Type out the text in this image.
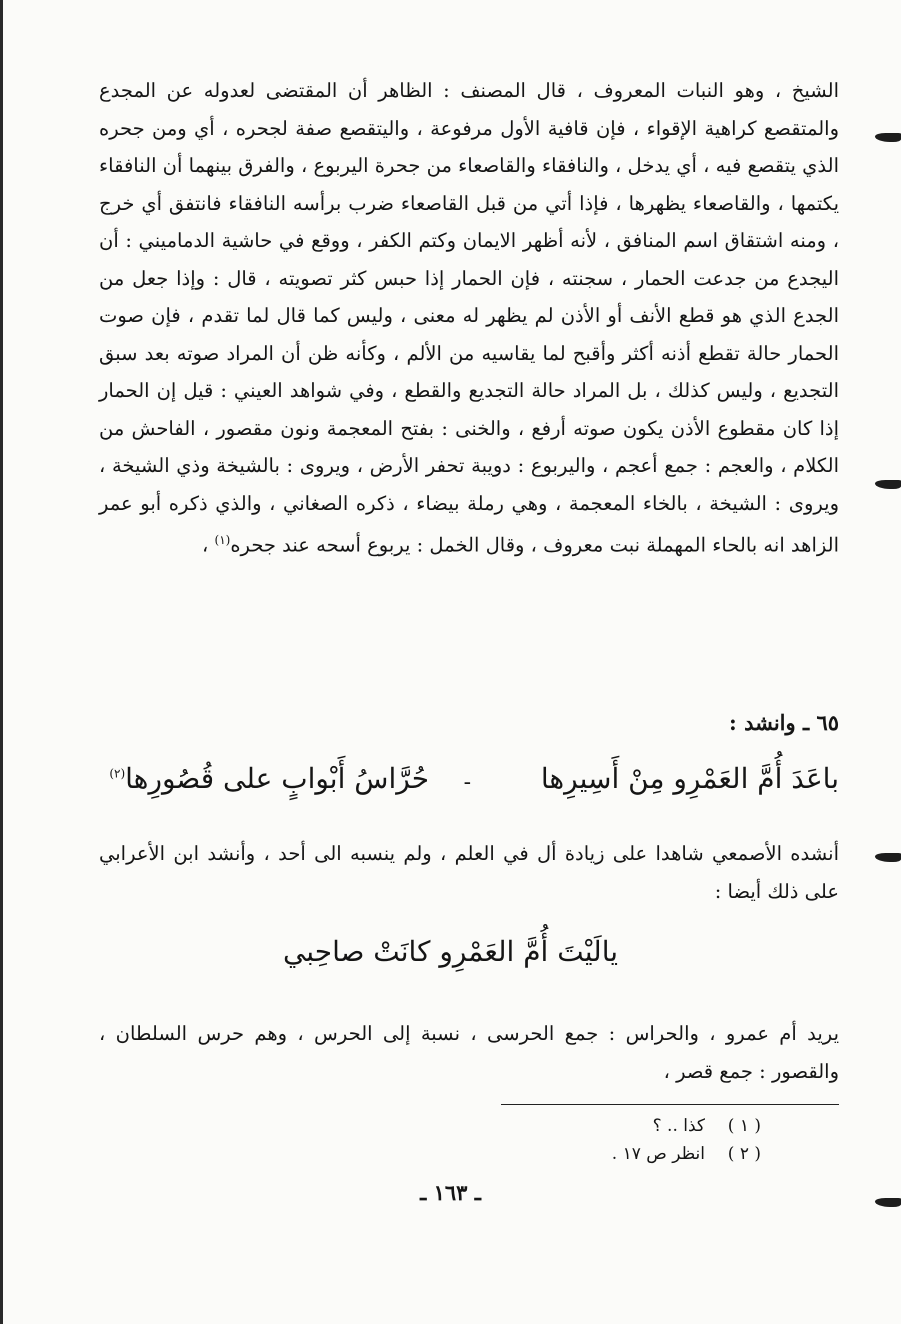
الشيخ ، وهو النبات المعروف ، قال المصنف : الظاهر أن المقتضى لعدوله عن المجدع والمتقصع كراهية الإقواء ، فإن قافية الأول مرفوعة ، واليتقصع صفة لجحره ، أي ومن جحره الذي يتقصع فيه ، أي يدخل ، والنافقاء والقاصعاء من جحرة اليربوع ، والفرق بينهما أن النافقاء يكتمها ، والقاصعاء يظهرها ، فإذا أتي من قبل القاصعاء ضرب برأسه النافقاء فانتفق أي خرج ، ومنه اشتقاق اسم المنافق ، لأنه أظهر الايمان وكتم الكفر ، ووقع في حاشية الدماميني : أن اليجدع من جدعت الحمار ، سجنته ، فإن الحمار إذا حبس كثر تصويته ، قال : وإذا جعل من الجدع الذي هو قطع الأنف أو الأذن لم يظهر له معنى ، وليس كما قال لما تقدم ، فإن صوت الحمار حالة تقطع أذنه أكثر وأقبح لما يقاسيه من الألم ، وكأنه ظن أن المراد صوته بعد سبق التجديع ، وليس كذلك ، بل المراد حالة التجديع والقطع ، وفي شواهد العيني : قيل إن الحمار إذا كان مقطوع الأذن يكون صوته أرفع ، والخنى : بفتح المعجمة ونون مقصور ، الفاحش من الكلام ، والعجم : جمع أعجم ، واليربوع : دويبة تحفر الأرض ، ويروى : بالشيخة وذي الشيخة ، ويروى : الشيخة ، بالخاء المعجمة ، وهي رملة بيضاء ، ذكره الصغاني ، والذي ذكره أبو عمر الزاهد انه بالحاء المهملة نبت معروف ، وقال الخمل : يربوع أسحه عند جحره$^{(١)}$ ،

٦٥ ـ وانشد :

باعَدَ أُمَّ العَمْرِو مِنْ أَسِيرِها

-

حُرَّاسُ أَبْوابٍ على قُصُورِها$^{(٢)}$

أنشده الأصمعي شاهدا على زيادة أل في العلم ، ولم ينسبه الى أحد ، وأنشد ابن الأعرابي على ذلك أيضا :

يالَيْتَ أُمَّ العَمْرِو كانَتْ صاحِبي

يريد أم عمرو ، والحراس : جمع الحرسى ، نسبة إلى الحرس ، وهم حرس السلطان ، والقصور : جمع قصر ،

( ١ )كذا .. ؟
( ٢ )انظر ص ١٧ .

ـ ١٦٣ ـ
